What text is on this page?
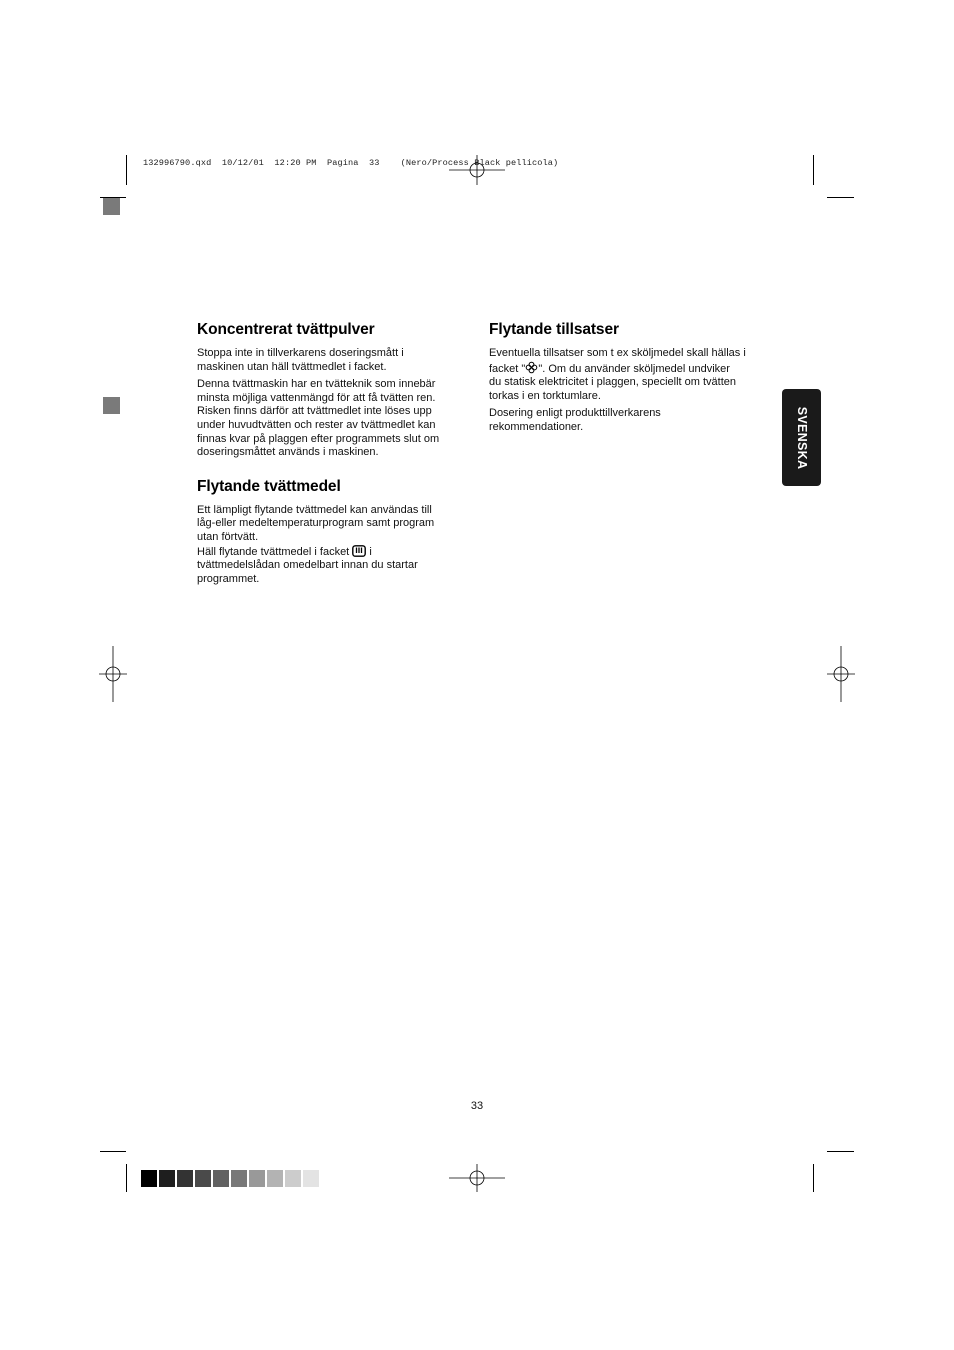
132996790.qxd  10/12/01  12:20 PM  Pagina  33    (Nero/Process Black pellicola)
Koncentrerat tvättpulver

Stoppa inte in tillverkarens doseringsmått i
maskinen utan häll tvättmedlet i facket.

Denna tvättmaskin har en tvätteknik som innebär
minsta möjliga vattenmängd för att få tvätten ren.
Risken finns därför att tvättmedlet inte löses upp
under huvudtvätten och rester av tvättmedlet kan
finnas kvar på plaggen efter programmets slut om
doseringsmåttet används i maskinen.

Flytande tvättmedel

Ett lämpligt flytande tvättmedel kan användas till
låg-eller medeltemperaturprogram samt program
utan förtvätt.
Häll flytande tvättmedel i facket  i
tvättmedelslådan omedelbart innan du startar
programmet.

Flytande tillsatser

Eventuella tillsatser som t ex sköljmedel skall hällas i
facket " ". Om du använder sköljmedel undviker
du statisk elektricitet i plaggen, speciellt om tvätten
torkas i en torktumlare.

Dosering enligt produkttillverkarens
rekommendationer.	SVENSKA
33
